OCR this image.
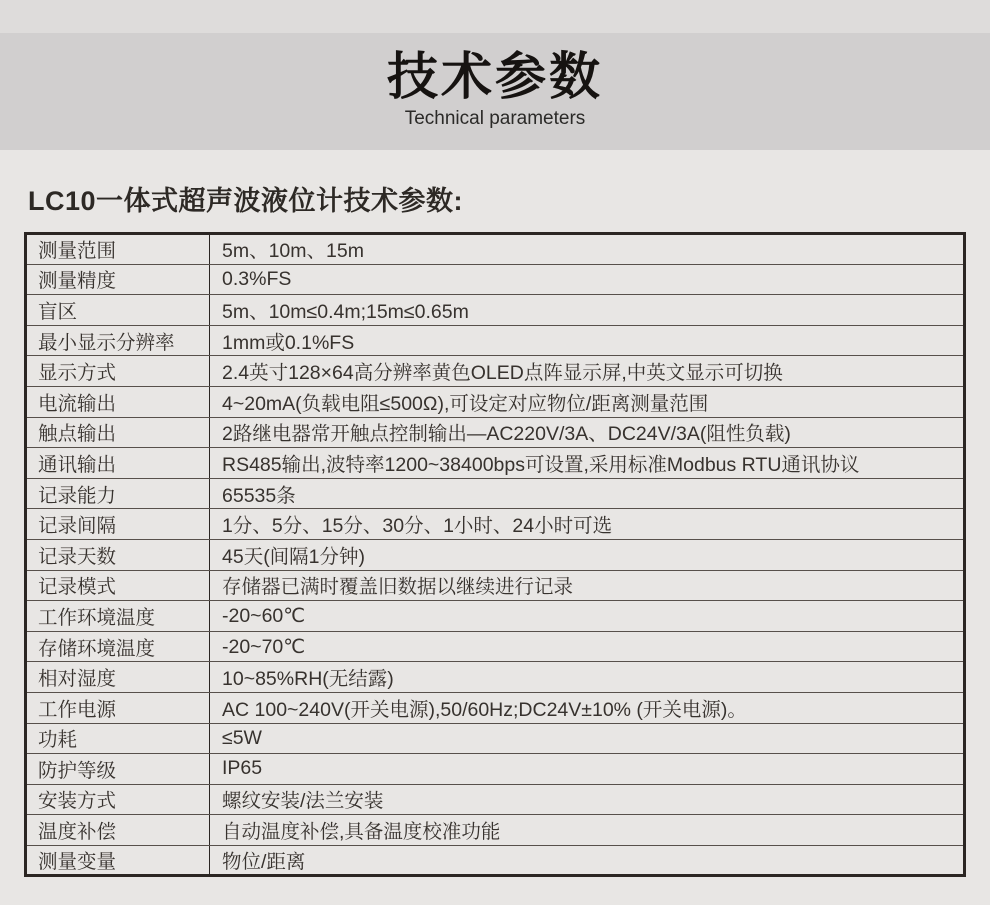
技术参数
Technical parameters
LC10一体式超声波液位计技术参数:
测量范围	5m、10m、15m
测量精度	0.3%FS
盲区	5m、10m≤0.4m;15m≤0.65m
最小显示分辨率	1mm或0.1%FS
显示方式	2.4英寸128×64高分辨率黄色OLED点阵显示屏,中英文显示可切换
电流输出	4~20mA(负载电阻≤500Ω),可设定对应物位/距离测量范围
触点输出	2路继电器常开触点控制输出—AC220V/3A、DC24V/3A(阻性负载)
通讯输出	RS485输出,波特率1200~38400bps可设置,采用标准Modbus RTU通讯协议
记录能力	65535条
记录间隔	1分、5分、15分、30分、1小时、24小时可选
记录天数	45天(间隔1分钟)
记录模式	存储器已满时覆盖旧数据以继续进行记录
工作环境温度	-20~60℃
存储环境温度	-20~70℃
相对湿度	10~85%RH(无结露)
工作电源	AC 100~240V(开关电源),50/60Hz;DC24V±10% (开关电源)。
功耗	≤5W
防护等级	IP65
安装方式	螺纹安装/法兰安装
温度补偿	自动温度补偿,具备温度校准功能
测量变量	物位/距离
